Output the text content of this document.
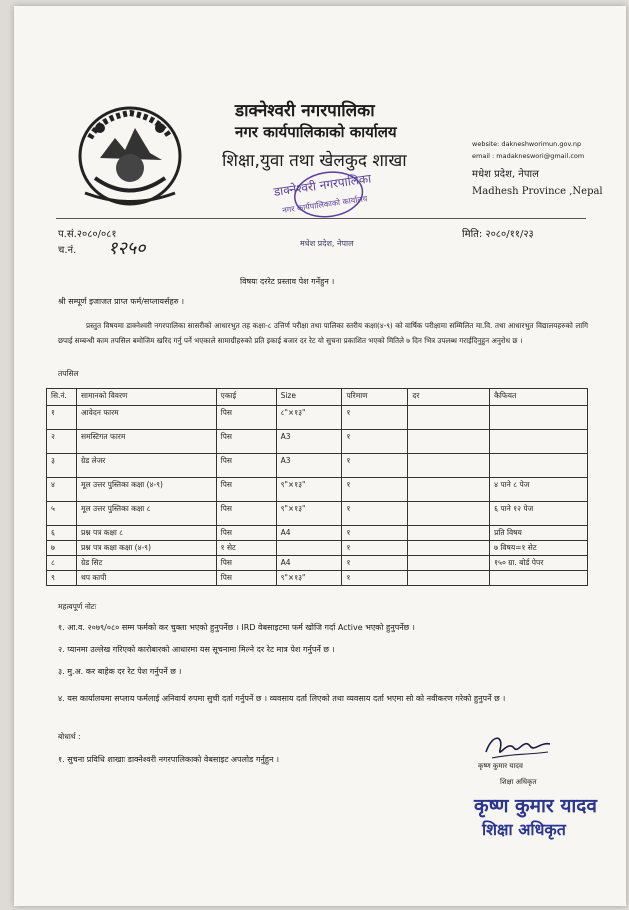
डाक्नेश्वरी नगरपालिका
नगर कार्यपालिकाको कार्यालय
शिक्षा,युवा तथा खेलकुद शाखा
website: dakneshworimun.gov.np
email : madakneswori@gmail.com
मधेश प्रदेश, नेपाल
Madhesh Province ,Nepal
डाक्नेश्वरी नगरपालिका
नगर कार्यपालिकाको कार्यालय
मधेश प्रदेश, नेपाल
प.सं.२०८०/०८१
च.नं. १२५०
मिति: २०८०/११/२३
विषयः दररेट प्रस्ताव पेश गर्नेहुन ।
श्री सम्पूर्ण इजाजत प्राप्त फर्म/सप्लायर्सहरु ।
प्रस्तुत विषयमा डाक्नेश्वरी नगरपालिका सासरीको आधारभुत तह कक्षा-८ उत्तिर्ण परीक्षा तथा पालिका स्तरीय कक्षा(४-९) को वार्षिक परीक्षामा सम्मिलित मा.वि. तथा आधारभुत विद्यालयहरुको लागि छपाई सम्बन्धी काम तपसिल बमोजिम खरिद गर्नु पर्ने भएकाले सामाग्रीहरुको प्रति इकाई बजार दर रेट यो सुचना प्रकाशित भएको मितिले ७ दिन भित्र उपलब्ध गराईदिनुहुन अनुरोध छ ।
तपसिल
सि.नं.	सामानको विवरण	एकाई	Size	परिमाण	दर	कैफियत
१	आवेदन फारम	पिस	८"×१३"	१		
२	समस्टिगत फारम	पिस	A3	१		
३	ग्रेड लेजर	पिस	A3	१		
४	मूल उत्तर पुस्तिका कक्षा (४-९)	पिस	९"×१३"	१		४ पाने ८ पेज
५	मूल उत्तर पुस्तिका कक्षा ८	पिस	९"×१३"	१		६ पाने १२ पेज
६	प्रश्न पत्र कक्षा ८	पिस	A4	१		प्रति विषय
७	प्रश्न पत्र कक्षा कक्षा (४-९)	१ सेट		१		७ विषय=१ सेट
८	ग्रेड सिट	पिस	A4	१		१५० ग्रा. बोर्ड पेपर
९	थप कापी	पिस	९"×१३"	१		
महत्वपूर्ण नोटः
१. आ.व. २०७९/०८० सम्म फर्मको कर चुक्ता भएको हुनुपर्नेछ । IRD वेबसाइटमा फर्म खोजि गर्दा Active भएको हुनुपर्नेछ ।
२. प्यानमा उल्लेख गरिएको कारोबारको आधारमा यस सूचनामा मिल्ने दर रेट मात्र पेश गर्नुपर्ने छ ।
३. मु.अ. कर बाहेक दर रेट पेश गर्नुपर्ने छ ।
४. यस कार्यालयमा सप्लाय फर्मलाई अनिवार्य रुपमा सुची दर्ता गर्नुपर्ने छ । व्यवसाय दर्ता लिएको तथा व्यवसाय दर्ता भएमा सो को नवीकरण गरेको हुनुपर्ने छ ।
बोधार्थ :
१. सुचना प्रविधि शाखाः डाक्नेश्वरी नगरपालिकाको वेबसाइट अपलोड गर्नुहुन ।
कृष्ण कुमार यादव
शिक्षा अधिकृत
कृष्ण कुमार यादव
शिक्षा अधिकृत
